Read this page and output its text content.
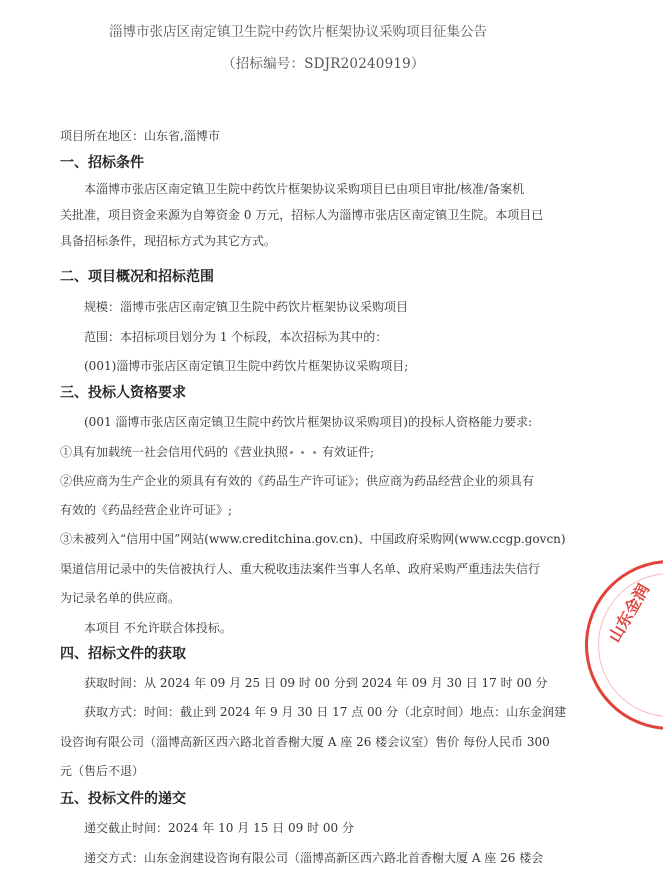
淄博市张店区南定镇卫生院中药饮片框架协议采购项目征集公告
（招标编号：SDJR20240919）
项目所在地区：山东省,淄博市
一、招标条件
本淄博市张店区南定镇卫生院中药饮片框架协议采购项目已由项目审批/核准/备案机
关批准，项目资金来源为自筹资金 0 万元，招标人为淄博市张店区南定镇卫生院。本项目已
具备招标条件，现招标方式为其它方式。
二、项目概况和招标范围
规模：淄博市张店区南定镇卫生院中药饮片框架协议采购项目
范围：本招标项目划分为 1 个标段，本次招标为其中的：
(001)淄博市张店区南定镇卫生院中药饮片框架协议采购项目;
三、投标人资格要求
(001 淄博市张店区南定镇卫生院中药饮片框架协议采购项目)的投标人资格能力要求:
①具有加载统一社会信用代码的《营业执照	有效证件;
②供应商为生产企业的须具有有效的《药品生产许可证》；供应商为药品经营企业的须具有
有效的《药品经营企业许可证》;
③未被列入“信用中国”网站(www.creditchina.gov.cn)、中国政府采购网(www.ccgp.govcn)
渠道信用记录中的失信被执行人、重大税收违法案件当事人名单、政府采购严重违法失信行
为记录名单的供应商。
本项目 不允许联合体投标。
四、招标文件的获取
获取时间：从 2024 年 09 月 25 日 09 时 00 分到 2024 年 09 月 30 日 17 时 00 分
获取方式：时间：截止到 2024 年 9 月 30 日 17 点 00 分（北京时间）地点：山东金润建
设咨询有限公司（淄博高新区西六路北首香榭大厦 A 座 26 楼会议室）售价 每份人民币 300
元（售后不退）
五、投标文件的递交
递交截止时间：2024 年 10 月 15 日 09 时 00 分
递交方式：山东金润建设咨询有限公司（淄博高新区西六路北首香榭大厦 A 座 26 楼会
山东金润
